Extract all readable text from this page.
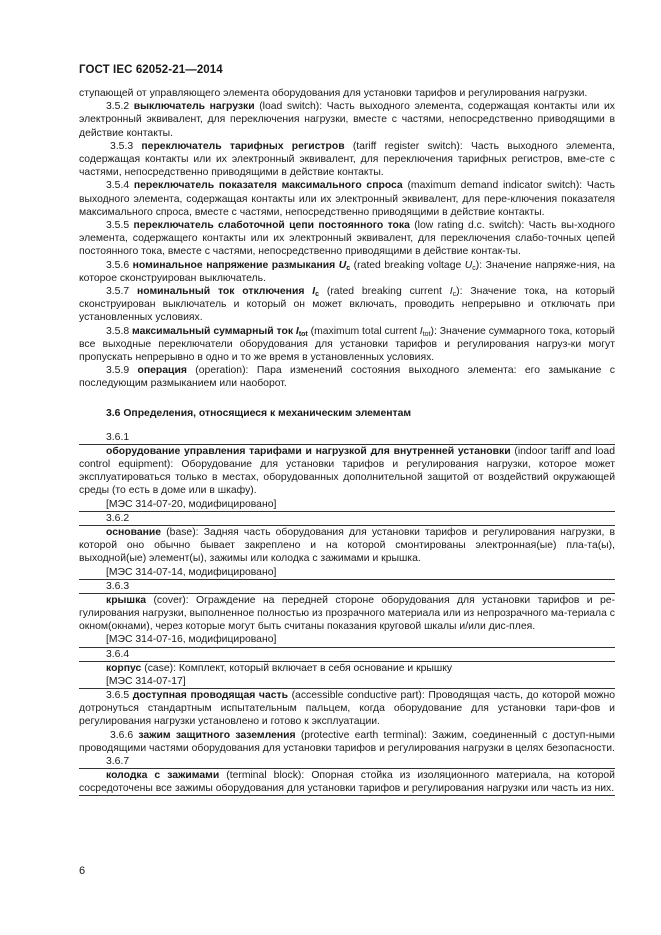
ГОСТ IEC 62052-21—2014

ступающей от управляющего элемента оборудования для установки тарифов и регулирования нагрузки.

3.5.2 выключатель нагрузки (load switch): Часть выходного элемента, содержащая контакты или их электронный эквивалент, для переключения нагрузки, вместе с частями, непосредственно приводящими в действие контакты.

3.5.3 переключатель тарифных регистров (tariff register switch): Часть выходного элемента, содержащая контакты или их электронный эквивалент, для переключения тарифных регистров, вме-сте с частями, непосредственно приводящими в действие контакты.

3.5.4 переключатель показателя максимального спроса (maximum demand indicator switch): Часть выходного элемента, содержащая контакты или их электронный эквивалент, для пере-ключения показателя максимального спроса, вместе с частями, непосредственно приводящими в действие контакты.

3.5.5 переключатель слаботочной цепи постоянного тока (low rating d.c. switch): Часть вы-ходного элемента, содержащего контакты или их электронный эквивалент, для переключения слабо-точных цепей постоянного тока, вместе с частями, непосредственно приводящими в действие контак-ты.

3.5.6 номинальное напряжение размыкания $U_c$ (rated breaking voltage $U_c$): Значение напряже-ния, на которое сконструирован выключатель.

3.5.7 номинальный ток отключения $I_c$ (rated breaking current $I_c$): Значение тока, на который сконструирован выключатель и который он может включать, проводить непрерывно и отключать при установленных условиях.

3.5.8 максимальный суммарный ток $I_{tot}$ (maximum total current $I_{tot}$): Значение суммарного тока, который все выходные переключатели оборудования для установки тарифов и регулирования нагруз-ки могут пропускать непрерывно в одно и то же время в установленных условиях.

3.5.9 операция (operation): Пара изменений состояния выходного элемента: его замыкание с последующим размыканием или наоборот.

3.6 Определения, относящиеся к механическим элементам
3.6.1

оборудование управления тарифами и нагрузкой для внутренней установки (indoor tariff and load control equipment): Оборудование для установки тарифов и регулирования нагрузки, которое может эксплуатироваться только в местах, оборудованных дополнительной защитой от воздействий окружающей среды (то есть в доме или в шкафу).

[МЭС 314-07-20, модифицировано]
3.6.2

основание (base): Задняя часть оборудования для установки тарифов и регулирования нагрузки, в которой оно обычно бывает закреплено и на которой смонтированы электронная(ые) пла-та(ы), выходной(ые) элемент(ы), зажимы или колодка с зажимами и крышка.

[МЭС 314-07-14, модифицировано]
3.6.3

крышка (cover): Ограждение на передней стороне оборудования для установки тарифов и ре-гулирования нагрузки, выполненное полностью из прозрачного материала или из непрозрачного ма-териала с окном(окнами), через которые могут быть считаны показания круговой шкалы и/или дис-плея.

[МЭС 314-07-16, модифицировано]
3.6.4

корпус (case): Комплект, который включает в себя основание и крышку

[МЭС 314-07-17]

3.6.5 доступная проводящая часть (accessible conductive part): Проводящая часть, до которой можно дотронуться стандартным испытательным пальцем, когда оборудование для установки тари-фов и регулирования нагрузки установлено и готово к эксплуатации.

3.6.6 зажим защитного заземления (protective earth terminal): Зажим, соединенный с доступ-ными проводящими частями оборудования для установки тарифов и регулирования нагрузки в целях безопасности.

3.6.7

колодка с зажимами (terminal block): Опорная стойка из изоляционного материала, на которой сосредоточены все зажимы оборудования для установки тарифов и регулирования нагрузки или часть из них.

6
